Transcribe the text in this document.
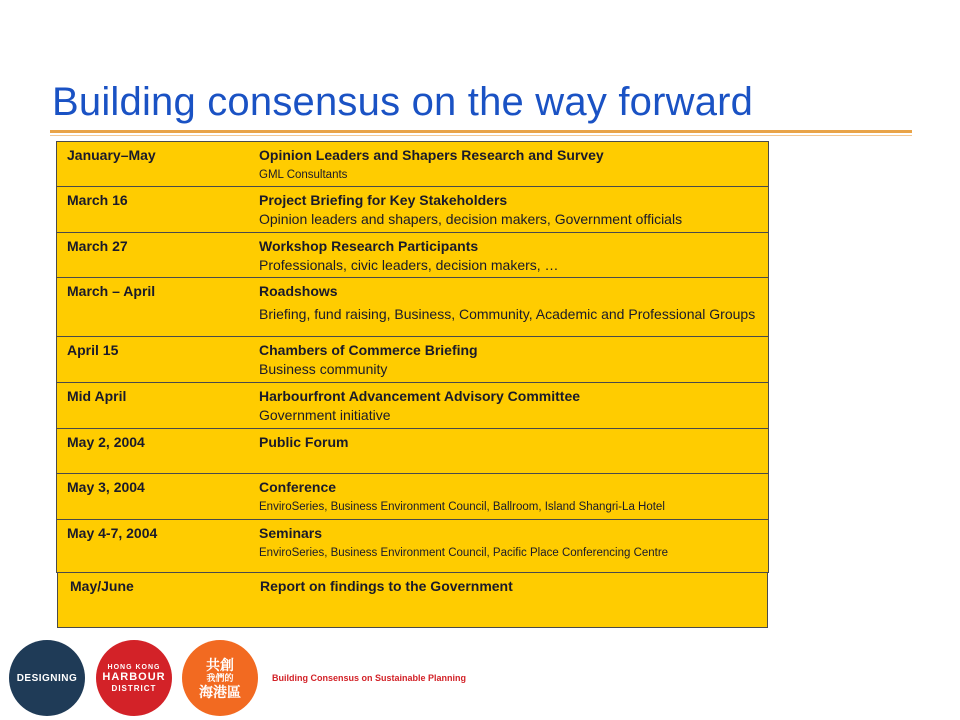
Building consensus on the way forward
January–May	Opinion Leaders and Shapers Research and Survey
GML Consultants
March 16	Project Briefing for Key Stakeholders
Opinion leaders and shapers, decision makers, Government officials
March 27	Workshop Research Participants
Professionals, civic leaders, decision makers, …
March – April	Roadshows
Briefing, fund raising, Business, Community, Academic and Professional Groups
April 15	Chambers of Commerce Briefing
Business community
Mid April	Harbourfront Advancement Advisory Committee
Government initiative
May 2, 2004	Public Forum
May 3, 2004	Conference
EnviroSeries, Business Environment Council, Ballroom, Island Shangri-La Hotel
May 4-7, 2004	Seminars
EnviroSeries, Business Environment Council, Pacific Place Conferencing Centre
May/June	Report on findings to the Government
DESIGNING
HONG KONG
HARBOUR
DISTRICT
共創
我們的
海港區
Building Consensus on Sustainable Planning
